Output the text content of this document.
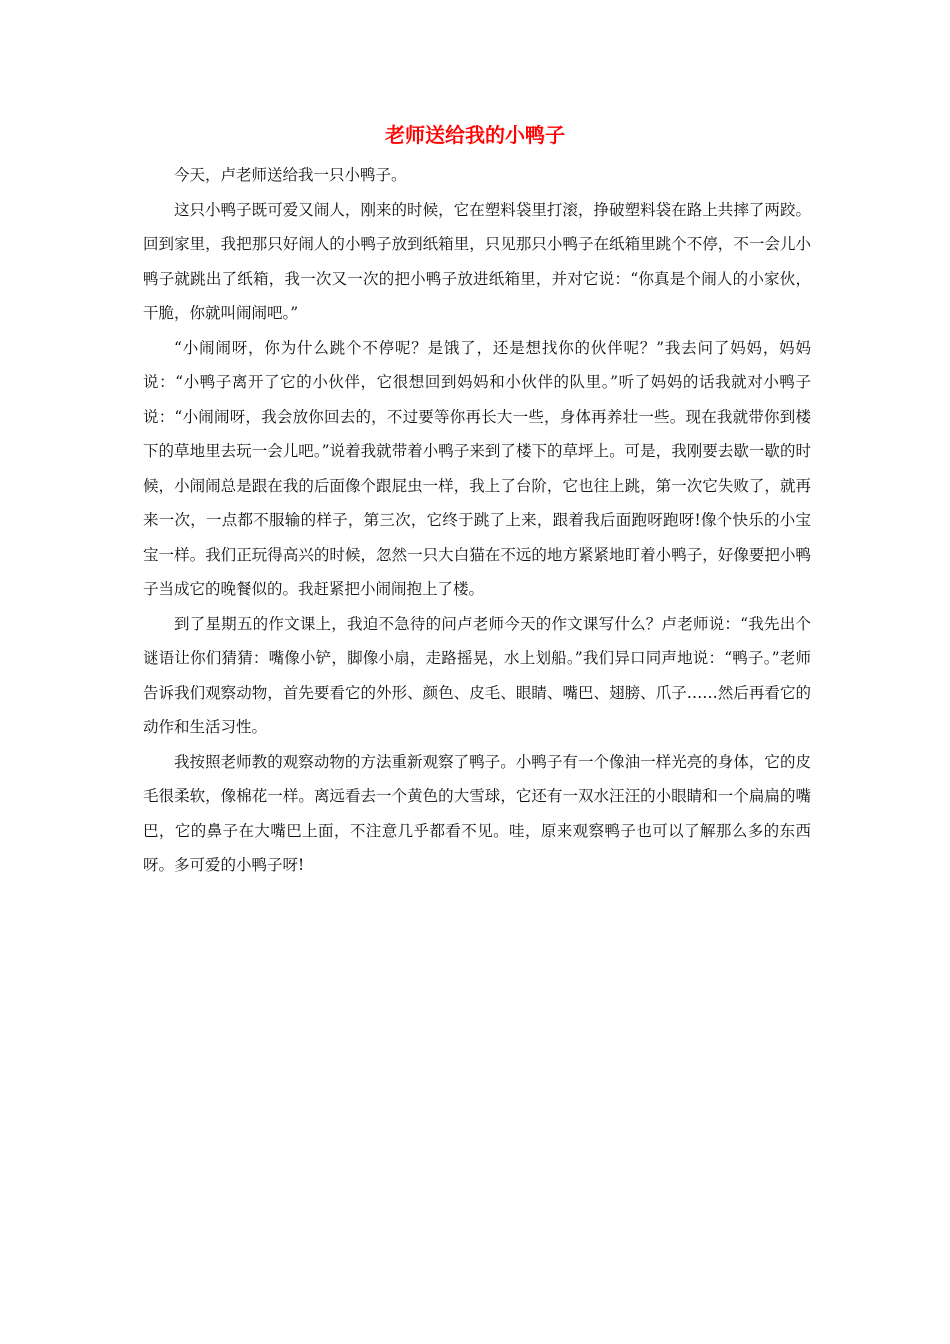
老师送给我的小鸭子

今天，卢老师送给我一只小鸭子。

这只小鸭子既可爱又闹人，刚来的时候，它在塑料袋里打滚，挣破塑料袋在路上共摔了两跤。回到家里，我把那只好闹人的小鸭子放到纸箱里，只见那只小鸭子在纸箱里跳个不停，不一会儿小鸭子就跳出了纸箱，我一次又一次的把小鸭子放进纸箱里，并对它说：“你真是个闹人的小家伙，干脆，你就叫闹闹吧。”

“小闹闹呀，你为什么跳个不停呢？是饿了，还是想找你的伙伴呢？”我去问了妈妈，妈妈说：“小鸭子离开了它的小伙伴，它很想回到妈妈和小伙伴的队里。”听了妈妈的话我就对小鸭子说：“小闹闹呀，我会放你回去的，不过要等你再长大一些，身体再养壮一些。现在我就带你到楼下的草地里去玩一会儿吧。”说着我就带着小鸭子来到了楼下的草坪上。可是，我刚要去歇一歇的时候，小闹闹总是跟在我的后面像个跟屁虫一样，我上了台阶，它也往上跳，第一次它失败了，就再来一次，一点都不服输的样子，第三次，它终于跳了上来，跟着我后面跑呀跑呀!像个快乐的小宝宝一样。我们正玩得高兴的时候，忽然一只大白猫在不远的地方紧紧地盯着小鸭子，好像要把小鸭子当成它的晚餐似的。我赶紧把小闹闹抱上了楼。

到了星期五的作文课上，我迫不急待的问卢老师今天的作文课写什么？卢老师说：“我先出个谜语让你们猜猜：嘴像小铲，脚像小扇，走路摇晃，水上划船。”我们异口同声地说：“鸭子。”老师告诉我们观察动物，首先要看它的外形、颜色、皮毛、眼睛、嘴巴、翅膀、爪子……然后再看它的动作和生活习性。

我按照老师教的观察动物的方法重新观察了鸭子。小鸭子有一个像油一样光亮的身体，它的皮毛很柔软，像棉花一样。离远看去一个黄色的大雪球，它还有一双水汪汪的小眼睛和一个扁扁的嘴巴，它的鼻子在大嘴巴上面，不注意几乎都看不见。哇，原来观察鸭子也可以了解那么多的东西呀。多可爱的小鸭子呀!
